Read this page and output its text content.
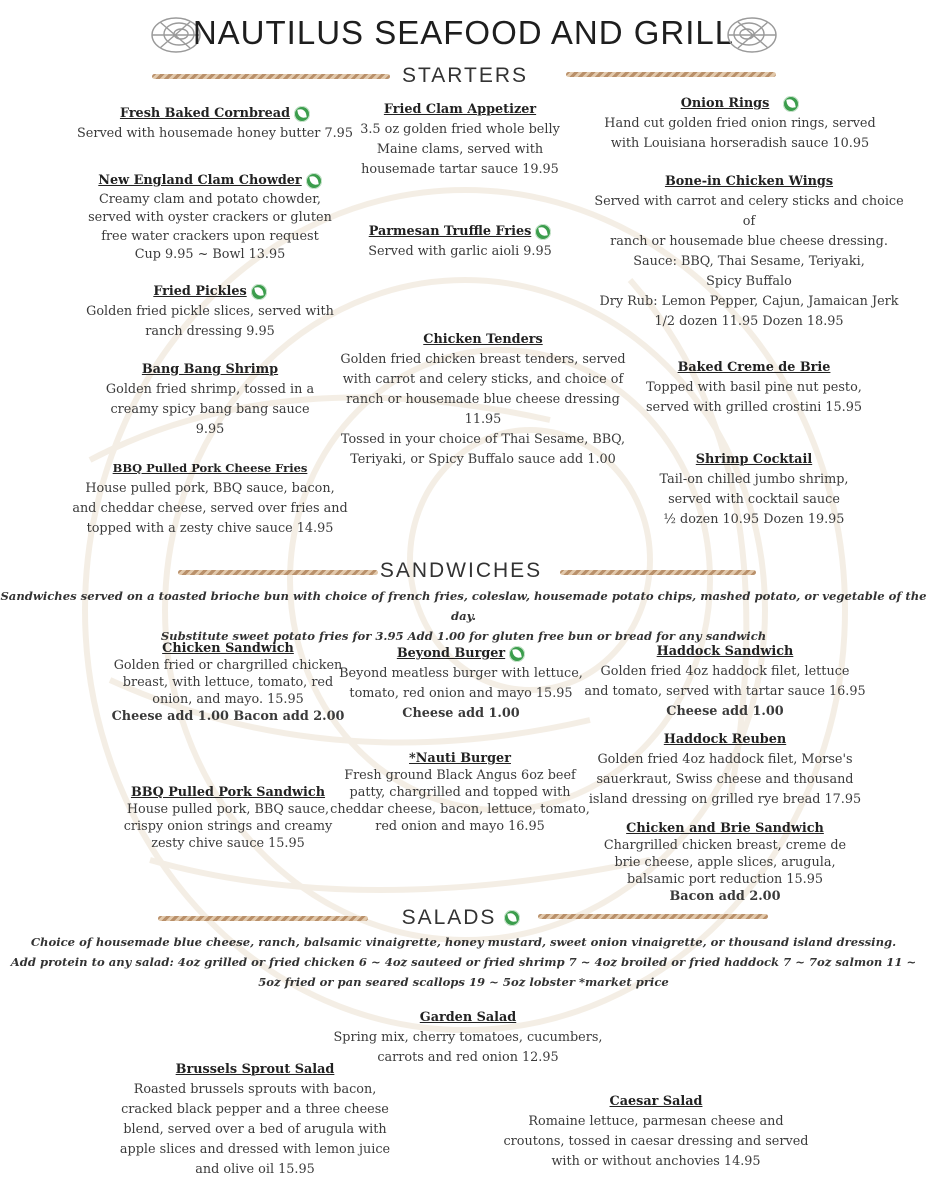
NAUTILUS SEAFOOD AND GRILL
STARTERS
Fresh Baked Cornbread
Served with housemade honey butter 7.95
New England Clam Chowder
Creamy clam and potato chowder,
served with oyster crackers or gluten
free water crackers upon request
Cup 9.95 ~ Bowl 13.95
Fried Pickles
Golden fried pickle slices, served with
ranch dressing 9.95
Bang Bang Shrimp
Golden fried shrimp, tossed in a
creamy spicy bang bang sauce
9.95
BBQ Pulled Pork Cheese Fries
House pulled pork, BBQ sauce, bacon,
and cheddar cheese, served over fries and
topped with a zesty chive sauce 14.95
Fried Clam Appetizer
3.5 oz golden fried whole belly
Maine clams, served with
housemade tartar sauce 19.95
Parmesan Truffle Fries
Served with garlic aioli 9.95
Chicken Tenders
Golden fried chicken breast tenders, served
with carrot and celery sticks, and choice of
ranch or housemade blue cheese dressing 11.95
Tossed in your choice of Thai Sesame, BBQ,
Teriyaki, or Spicy Buffalo sauce add 1.00
Onion Rings
Hand cut golden fried onion rings, served
with Louisiana horseradish sauce 10.95
Bone-in Chicken Wings
Served with carrot and celery sticks and choice of
ranch or housemade blue cheese dressing.
Sauce: BBQ, Thai Sesame, Teriyaki,
Spicy Buffalo
Dry Rub: Lemon Pepper, Cajun, Jamaican Jerk
1/2 dozen 11.95 Dozen 18.95
Baked Creme de Brie
Topped with basil pine nut pesto,
served with grilled crostini 15.95
Shrimp Cocktail
Tail-on chilled jumbo shrimp,
served with cocktail sauce
½ dozen 10.95 Dozen 19.95
SANDWICHES
Sandwiches served on a toasted brioche bun with choice of french fries, coleslaw, housemade potato chips, mashed potato, or vegetable of the day.
Substitute sweet potato fries for 3.95 Add 1.00 for gluten free bun or bread for any sandwich
Chicken Sandwich
Golden fried or chargrilled chicken
breast, with lettuce, tomato, red
onion, and mayo. 15.95
Cheese add 1.00 Bacon add 2.00
BBQ Pulled Pork Sandwich
House pulled pork, BBQ sauce,
crispy onion strings and creamy
zesty chive sauce 15.95
Beyond Burger
Beyond meatless burger with lettuce,
tomato, red onion and mayo 15.95
Cheese add 1.00
*Nauti Burger
Fresh ground Black Angus 6oz beef
patty, chargrilled and topped with
cheddar cheese, bacon, lettuce, tomato,
red onion and mayo 16.95
Haddock Sandwich
Golden fried 4oz haddock filet, lettuce
and tomato, served with tartar sauce 16.95
Cheese add 1.00
Haddock Reuben
Golden fried 4oz haddock filet, Morse's
sauerkraut, Swiss cheese and thousand
island dressing on grilled rye bread 17.95
Chicken and Brie Sandwich
Chargrilled chicken breast, creme de
brie cheese, apple slices, arugula,
balsamic port reduction 15.95
Bacon add 2.00
SALADS
Choice of housemade blue cheese, ranch, balsamic vinaigrette, honey mustard, sweet onion vinaigrette, or thousand island dressing.
Add protein to any salad: 4oz grilled or fried chicken 6 ~ 4oz sauteed or fried shrimp 7 ~ 4oz broiled or fried haddock 7 ~ 7oz salmon 11 ~
5oz fried or pan seared scallops 19 ~ 5oz lobster *market price
Garden Salad
Spring mix, cherry tomatoes, cucumbers,
carrots and red onion 12.95
Brussels Sprout Salad
Roasted brussels sprouts with bacon,
cracked black pepper and a three cheese
blend, served over a bed of arugula with
apple slices and dressed with lemon juice
and olive oil 15.95
Caesar Salad
Romaine lettuce, parmesan cheese and
croutons, tossed in caesar dressing and served
with or without anchovies 14.95
